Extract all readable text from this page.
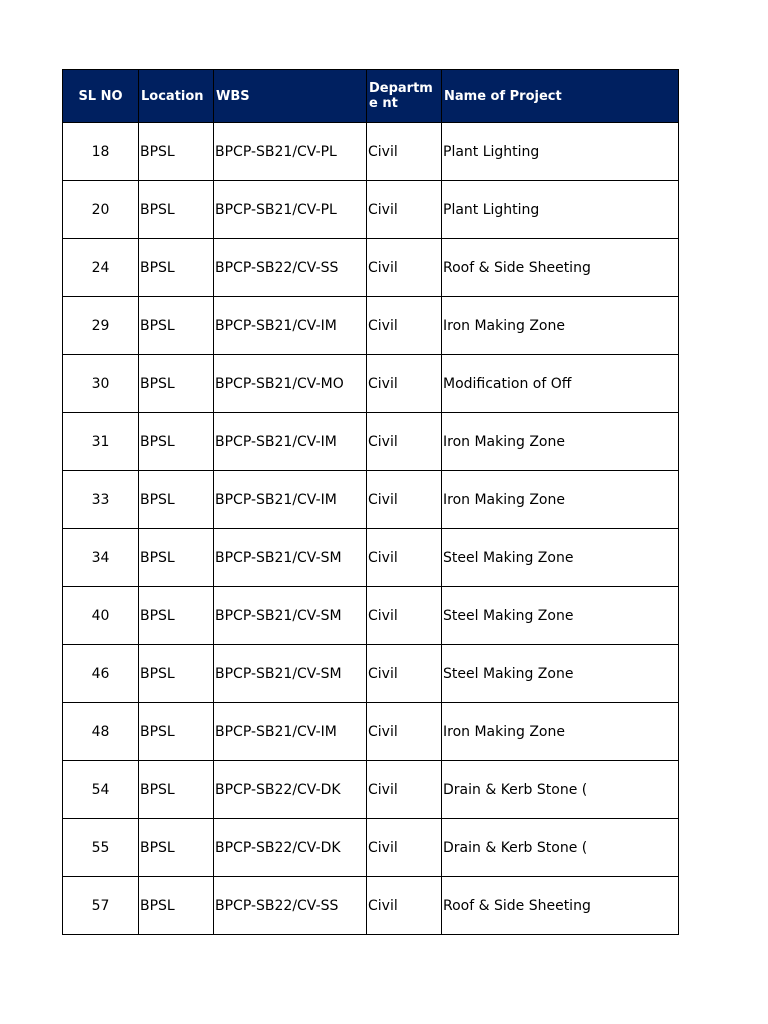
SL NO	Location	WBS	Departme nt	Name of Project
18	BPSL	BPCP-SB21/CV-PL	Civil	Plant Lighting
20	BPSL	BPCP-SB21/CV-PL	Civil	Plant Lighting
24	BPSL	BPCP-SB22/CV-SS	Civil	Roof & Side Sheeting
29	BPSL	BPCP-SB21/CV-IM	Civil	Iron Making Zone
30	BPSL	BPCP-SB21/CV-MO	Civil	Modification of Off
31	BPSL	BPCP-SB21/CV-IM	Civil	Iron Making Zone
33	BPSL	BPCP-SB21/CV-IM	Civil	Iron Making Zone
34	BPSL	BPCP-SB21/CV-SM	Civil	Steel Making Zone
40	BPSL	BPCP-SB21/CV-SM	Civil	Steel Making Zone
46	BPSL	BPCP-SB21/CV-SM	Civil	Steel Making Zone
48	BPSL	BPCP-SB21/CV-IM	Civil	Iron Making Zone
54	BPSL	BPCP-SB22/CV-DK	Civil	Drain & Kerb Stone (
55	BPSL	BPCP-SB22/CV-DK	Civil	Drain & Kerb Stone (
57	BPSL	BPCP-SB22/CV-SS	Civil	Roof & Side Sheeting
